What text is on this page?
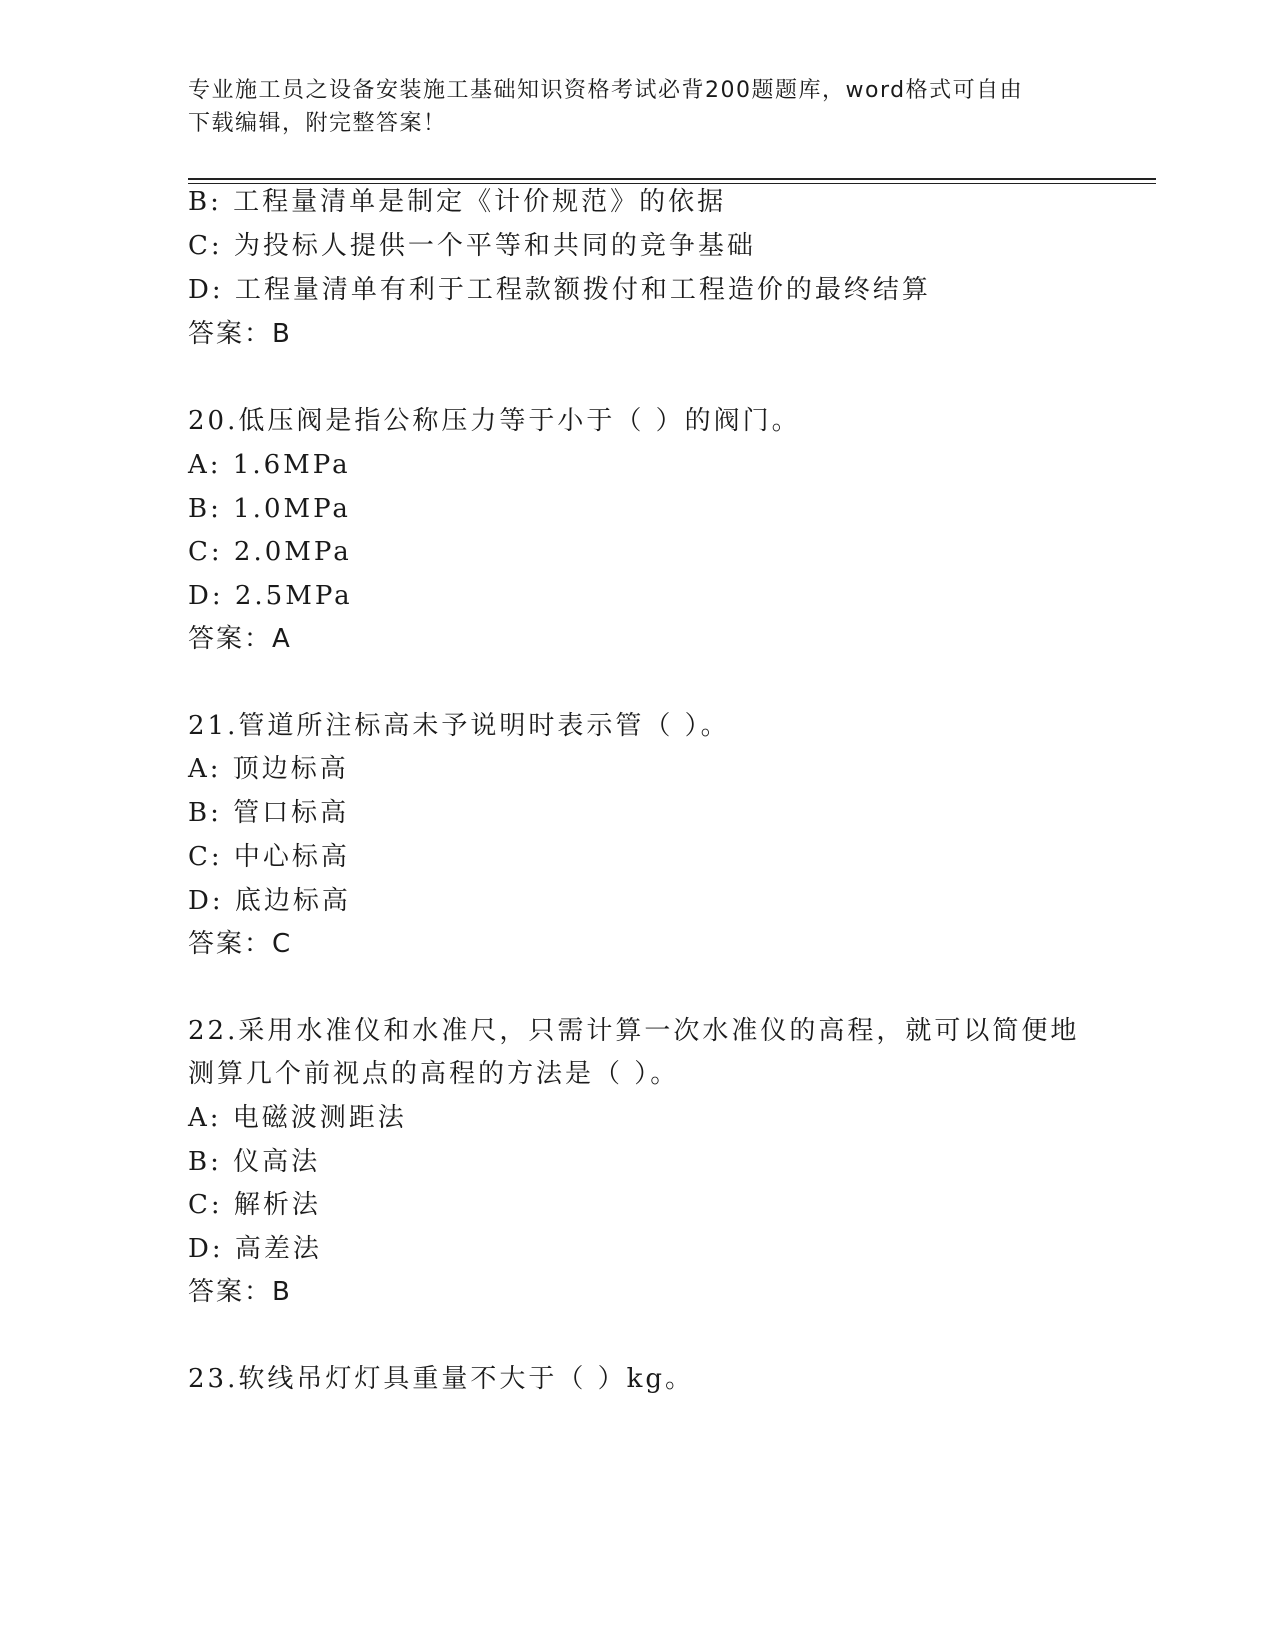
专业施工员之设备安装施工基础知识资格考试必背200题题库，word格式可自由
下载编辑，附完整答案！
B: 工程量清单是制定《计价规范》的依据
C: 为投标人提供一个平等和共同的竞争基础
D: 工程量清单有利于工程款额拨付和工程造价的最终结算
答案：B
20.低压阀是指公称压力等于小于（ ）的阀门。
A: 1.6MPa
B: 1.0MPa
C: 2.0MPa
D: 2.5MPa
答案：A
21.管道所注标高未予说明时表示管（ ）。
A: 顶边标高
B: 管口标高
C: 中心标高
D: 底边标高
答案：C
22.采用水准仪和水准尺，只需计算一次水准仪的高程，就可以简便地
测算几个前视点的高程的方法是（ ）。
A: 电磁波测距法
B: 仪高法
C: 解析法
D: 高差法
答案：B
23.软线吊灯灯具重量不大于（ ）kg。
